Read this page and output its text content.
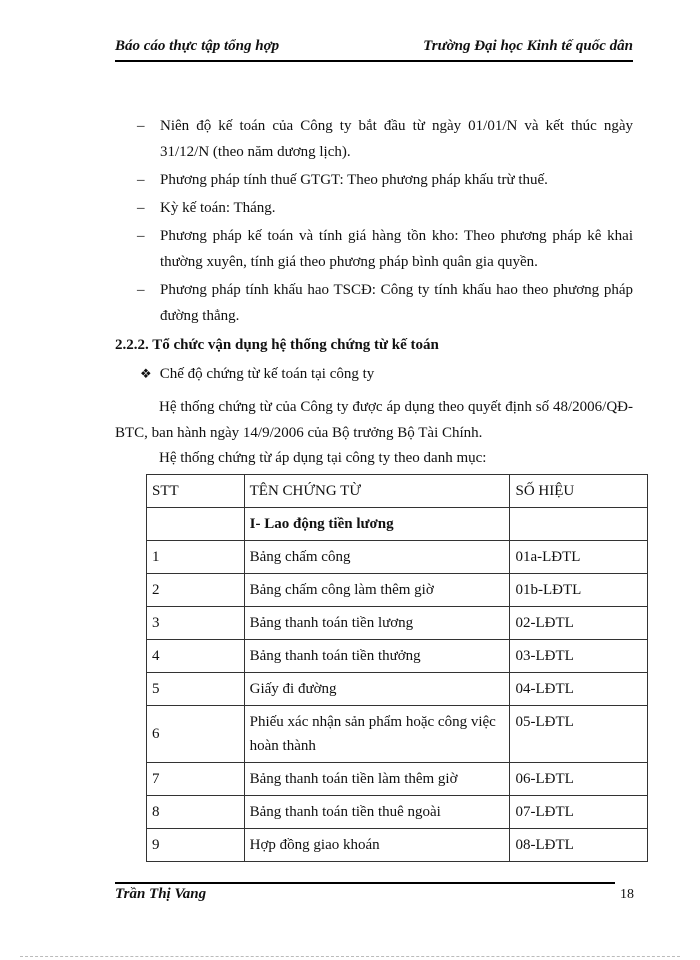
Báo cáo thực tập tổng hợp	Trường Đại học Kinh tế quốc dân
– Niên độ kế toán của Công ty bắt đầu từ ngày 01/01/N và kết thúc ngày 31/12/N (theo năm dương lịch).
– Phương pháp tính thuế GTGT: Theo phương pháp khấu trừ thuế.
– Kỳ kế toán: Tháng.
– Phương pháp kế toán và tính giá hàng tồn kho: Theo phương pháp kê khai thường xuyên, tính giá theo phương pháp bình quân gia quyền.
– Phương pháp tính khấu hao TSCĐ: Công ty tính khấu hao theo phương pháp đường thẳng.
2.2.2. Tổ chức vận dụng hệ thống chứng từ kế toán
❖ Chế độ chứng từ kế toán tại công ty
Hệ thống chứng từ của Công ty được áp dụng theo quyết định số 48/2006/QĐ-BTC, ban hành ngày 14/9/2006 của Bộ trưởng Bộ Tài Chính.
Hệ thống chứng từ áp dụng tại công ty theo danh mục:
STT	TÊN CHỨNG TỪ	SỐ HIỆU
	I- Lao động tiền lương	
1	Bảng chấm công	01a-LĐTL
2	Bảng chấm công làm thêm giờ	01b-LĐTL
3	Bảng thanh toán tiền lương	02-LĐTL
4	Bảng thanh toán tiền thưởng	03-LĐTL
5	Giấy đi đường	04-LĐTL
6	Phiếu xác nhận sản phẩm hoặc công việc hoàn thành	05-LĐTL
7	Bảng thanh toán tiền làm thêm giờ	06-LĐTL
8	Bảng thanh toán tiền thuê ngoài	07-LĐTL
9	Hợp đồng giao khoán	08-LĐTL
Trần Thị Vang	18
